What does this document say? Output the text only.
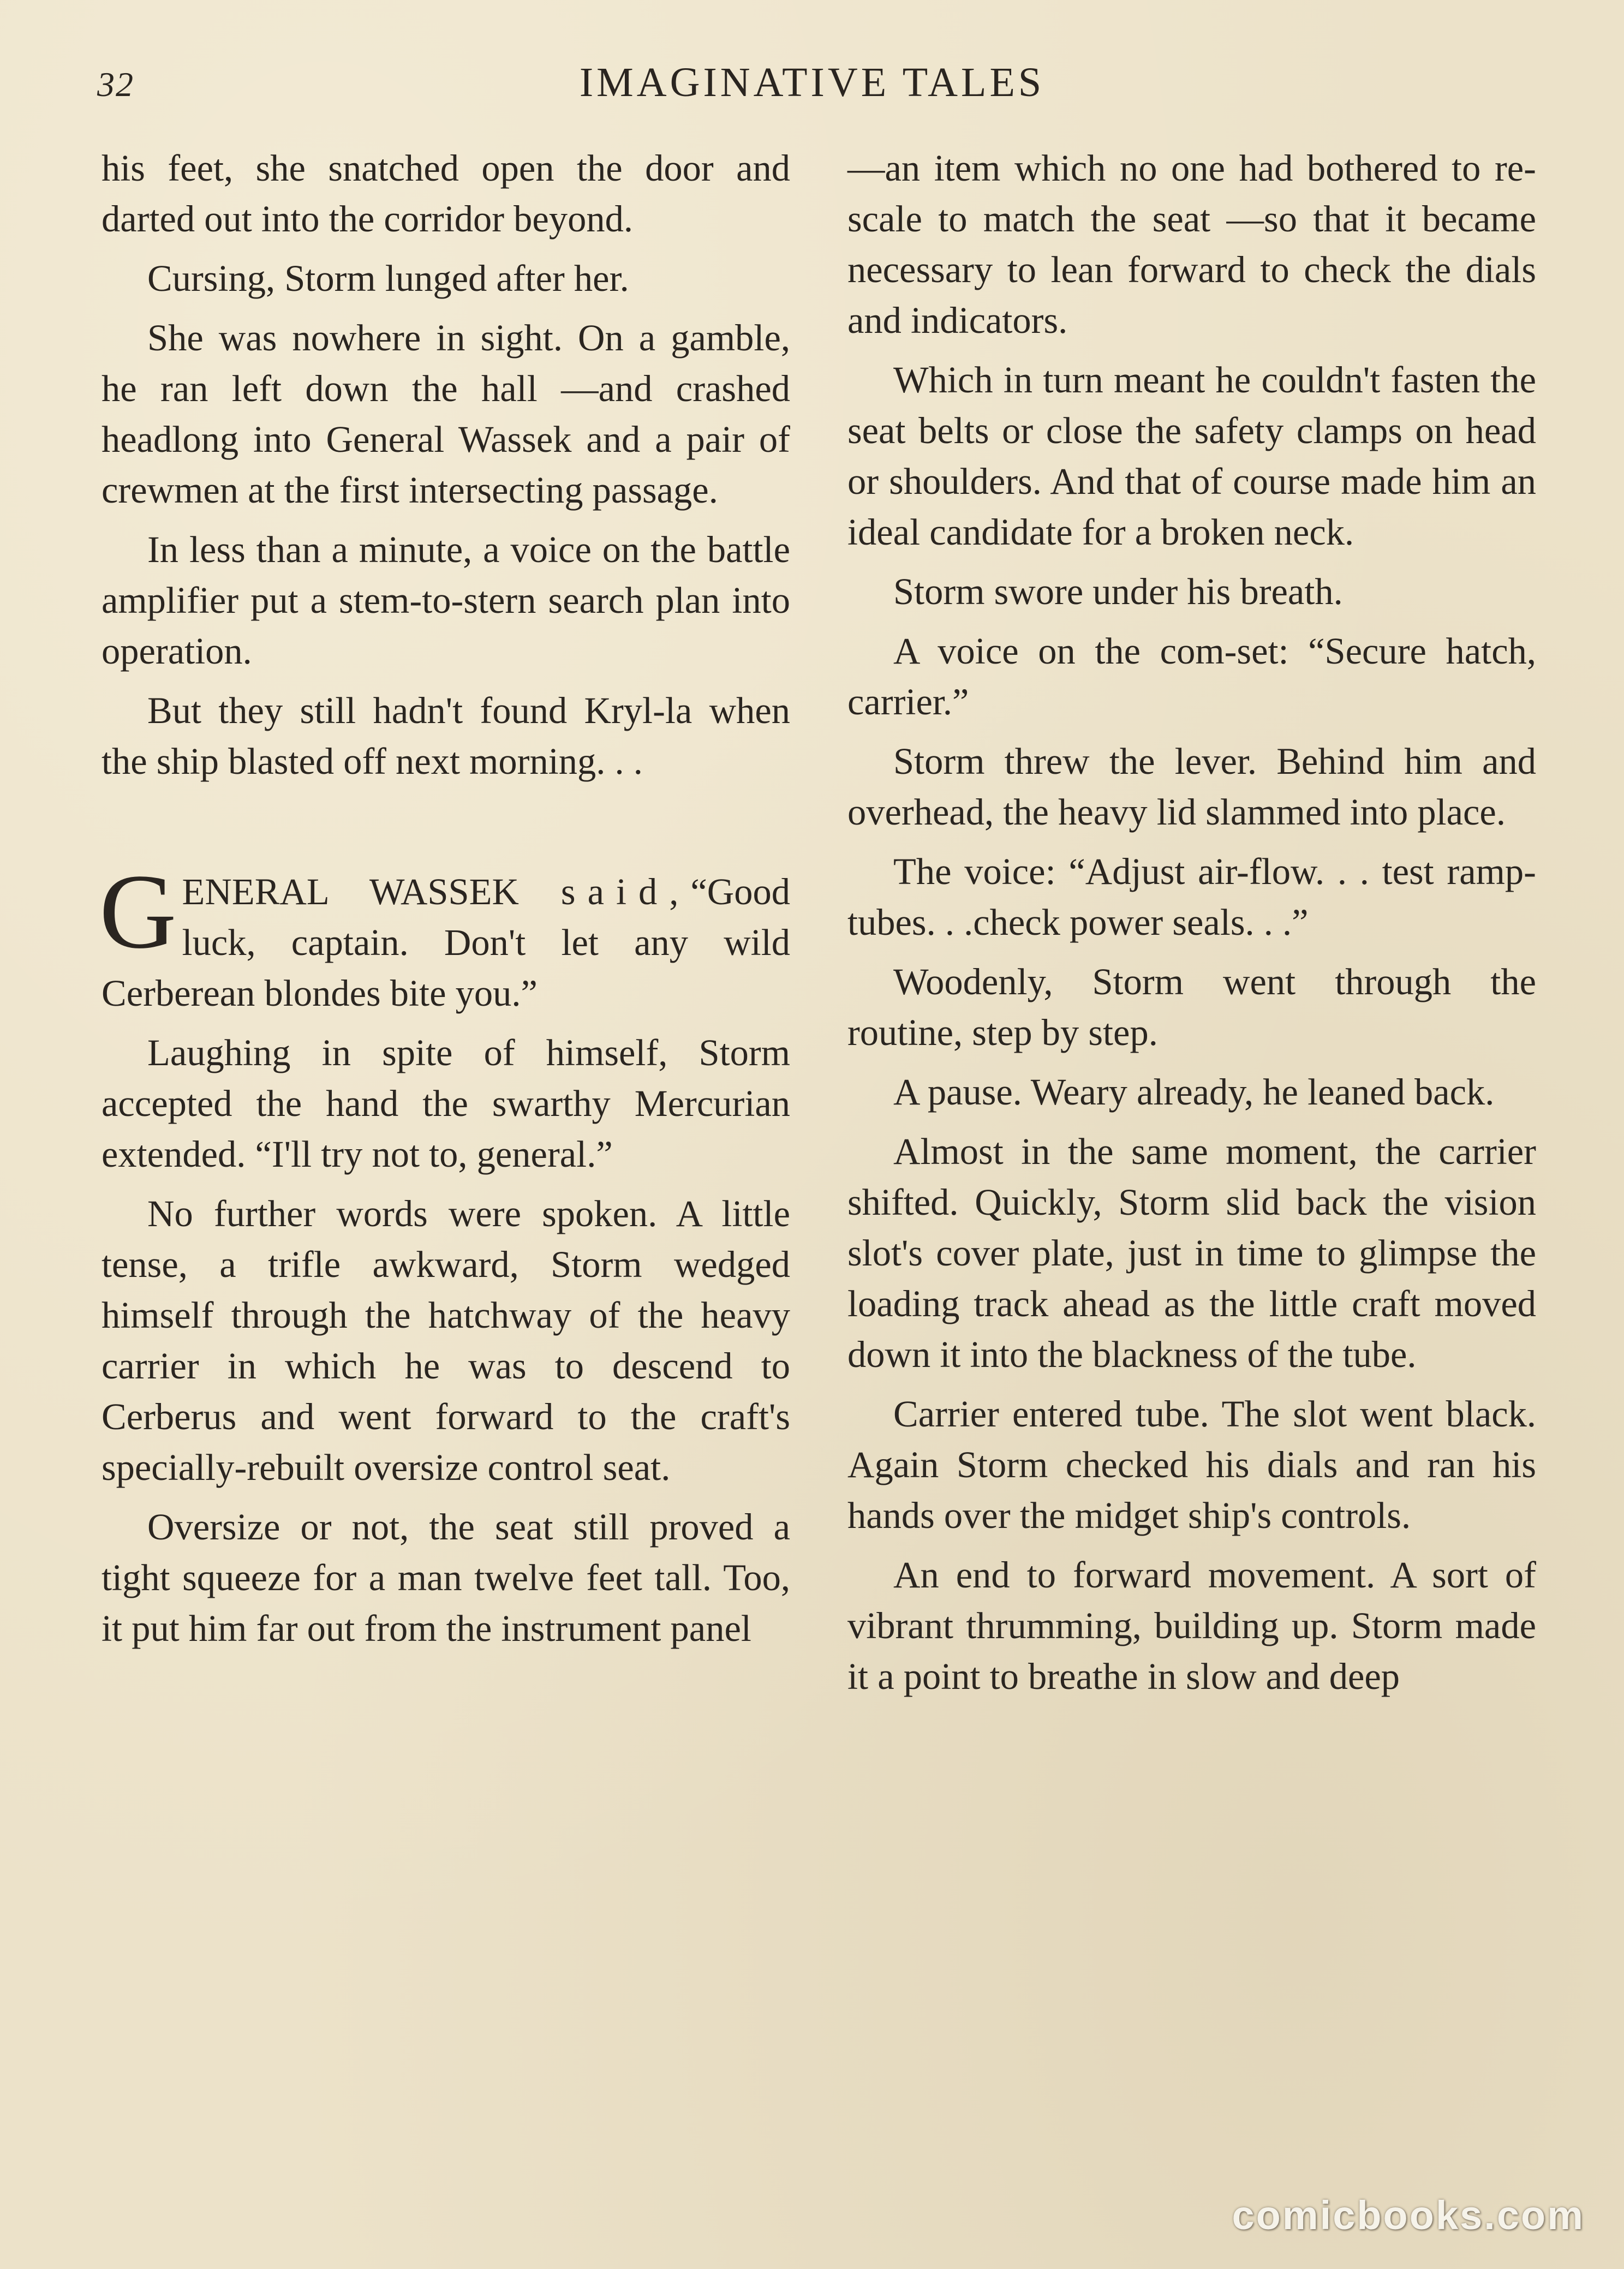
32	IMAGINATIVE TALES

his feet, she snatched open the door and darted out into the corridor beyond.

Cursing, Storm lunged after her.

She was nowhere in sight. On a gamble, he ran left down the hall —and crashed headlong into General Wassek and a pair of crewmen at the first intersecting passage.

In less than a minute, a voice on the battle amplifier put a stem-to-stern search plan into operation.

But they still hadn't found Kryl-la when the ship blasted off next morning. . .

GENERAL WASSEK said,“Good luck, captain. Don't let any wild Cerberean blondes bite you.”

Laughing in spite of himself, Storm accepted the hand the swarthy Mercurian extended. “I'll try not to, general.”

No further words were spoken. A little tense, a trifle awkward, Storm wedged himself through the hatchway of the heavy carrier in which he was to descend to Cerberus and went forward to the craft's specially-rebuilt oversize control seat.

Oversize or not, the seat still proved a tight squeeze for a man twelve feet tall. Too, it put him far out from the instrument panel

—an item which no one had bothered to re-scale to match the seat —so that it became necessary to lean forward to check the dials and indicators.

Which in turn meant he couldn't fasten the seat belts or close the safety clamps on head or shoulders. And that of course made him an ideal candidate for a broken neck.

Storm swore under his breath.

A voice on the com-set: “Secure hatch, carrier.”

Storm threw the lever. Behind him and overhead, the heavy lid slammed into place.

The voice: “Adjust air-flow. . . test ramp-tubes. . .check power seals. . .”

Woodenly, Storm went through the routine, step by step.

A pause. Weary already, he leaned back.

Almost in the same moment, the carrier shifted. Quickly, Storm slid back the vision slot's cover plate, just in time to glimpse the loading track ahead as the little craft moved down it into the blackness of the tube.

Carrier entered tube. The slot went black. Again Storm checked his dials and ran his hands over the midget ship's controls.

An end to forward movement. A sort of vibrant thrumming, building up. Storm made it a point to breathe in slow and deep

comicbooks.com
